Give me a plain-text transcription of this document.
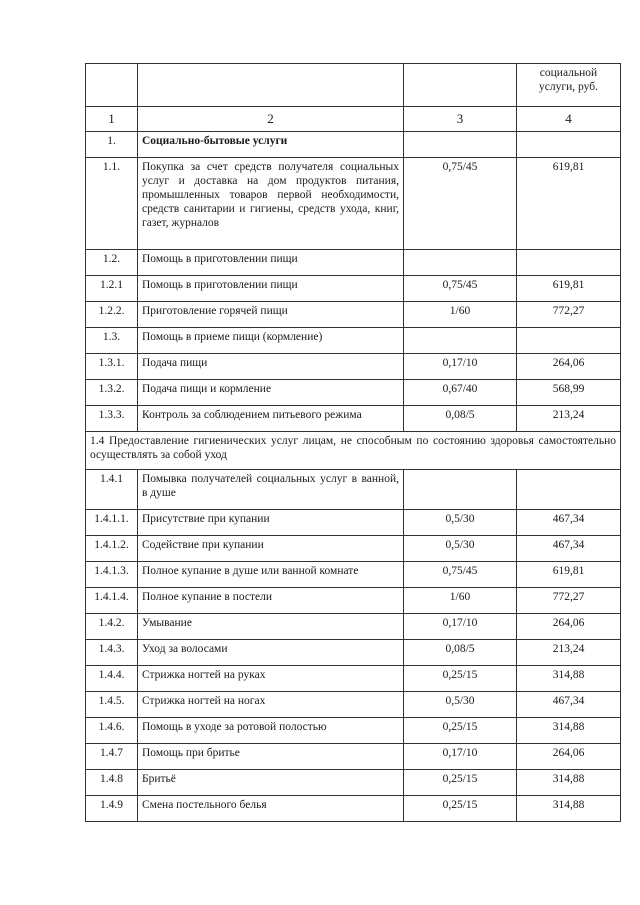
			социальной услуги, руб.
1	2	3	4
1.	Социально-бытовые услуги		
1.1.	Покупка за счет средств получателя социальных услуг и доставка на дом продуктов питания, промышленных товаров первой необходимости, средств санитарии и гигиены, средств ухода, книг, газет, журналов	0,75/45	619,81
1.2.	Помощь в приготовлении пищи		
1.2.1	Помощь в приготовлении пищи	0,75/45	619,81
1.2.2.	Приготовление горячей пищи	1/60	772,27
1.3.	Помощь в приеме пищи (кормление)		
1.3.1.	Подача пищи	0,17/10	264,06
1.3.2.	Подача пищи и кормление	0,67/40	568,99
1.3.3.	Контроль за соблюдением питьевого режима	0,08/5	213,24
1.4 Предоставление гигиенических услуг лицам, не способным по состоянию здоровья самостоятельно осуществлять за собой уход			
1.4.1	Помывка получателей социальных услуг в ванной, в душе		
1.4.1.1.	Присутствие при купании	0,5/30	467,34
1.4.1.2.	Содействие при купании	0,5/30	467,34
1.4.1.3.	Полное купание в душе или ванной комнате	0,75/45	619,81
1.4.1.4.	Полное купание в постели	1/60	772,27
1.4.2.	Умывание	0,17/10	264,06
1.4.3.	Уход за волосами	0,08/5	213,24
1.4.4.	Стрижка ногтей на руках	0,25/15	314,88
1.4.5.	Стрижка ногтей на ногах	0,5/30	467,34
1.4.6.	Помощь в уходе за ротовой полостью	0,25/15	314,88
1.4.7	Помощь при бритье	0,17/10	264,06
1.4.8	Бритьё	0,25/15	314,88
1.4.9	Смена постельного белья	0,25/15	314,88
